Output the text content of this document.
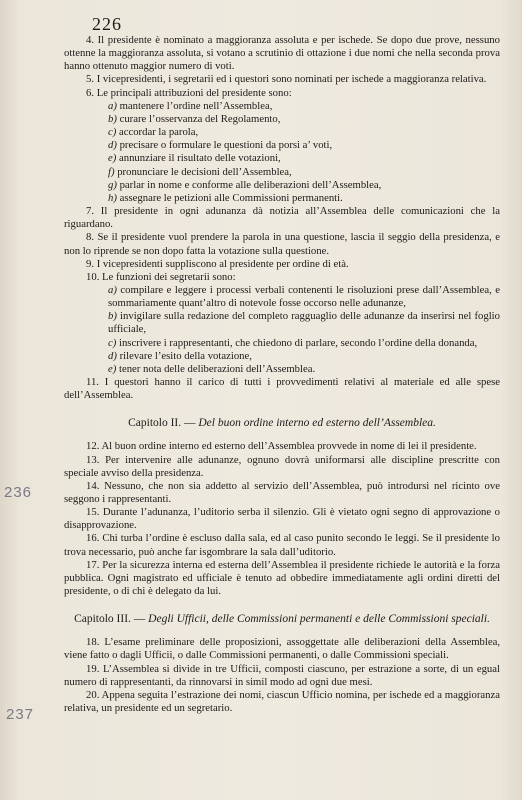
226
236
237

4. Il presidente è nominato a maggioranza assoluta e per ischede. Se dopo due prove, nessuno ottenne la maggioranza assoluta, si votano a scrutinio di ottazione i due nomi che nella seconda prova hanno ottenuto maggior numero di voti.

5. I vicepresidenti, i segretarii ed i questori sono nominati per ischede a maggioranza relativa.

6. Le principali attribuzioni del presidente sono:

a) mantenere l’ordine nell’Assemblea,

b) curare l’osservanza del Regolamento,

c) accordar la parola,

d) precisare o formulare le questioni da porsi a’ voti,

e) annunziare il risultato delle votazioni,

f) pronunciare le decisioni dell’Assemblea,

g) parlar in nome e conforme alle deliberazioni dell’Assemblea,

h) assegnare le petizioni alle Commissioni permanenti.

7. Il presidente in ogni adunanza dà notizia all’Assemblea delle comunicazioni che la riguardano.

8. Se il presidente vuol prendere la parola in una questione, lascia il seggio della presidenza, e non lo riprende se non dopo fatta la votazione sulla questione.

9. I vicepresidenti suppliscono al presidente per ordine di età.

10. Le funzioni dei segretarii sono:

a) compilare e leggere i processi verbali contenenti le risoluzioni prese dall’Assemblea, e sommariamente quant’altro di notevole fosse occorso nelle adunanze,

b) invigilare sulla redazione del completo ragguaglio delle adunanze da inserirsi nel foglio ufficiale,

c) inscrivere i rappresentanti, che chiedono di parlare, secondo l’ordine della donanda,

d) rilevare l’esito della votazione,

e) tener nota delle deliberazioni dell’Assemblea.

11. I questori hanno il carico di tutti i provvedimenti relativi al materiale ed alle spese dell’Assemblea.

Capitolo II. — Del buon ordine interno ed esterno dell’Assemblea.

12. Al buon ordine interno ed esterno dell’Assemblea provvede in nome di lei il presidente.

13. Per intervenire alle adunanze, ognuno dovrà uniformarsi alle discipline prescritte con speciale avviso della presidenza.

14. Nessuno, che non sia addetto al servizio dell’Assemblea, può introdursi nel ricinto ove seggono i rappresentanti.

15. Durante l’adunanza, l’uditorio serba il silenzio. Gli è vietato ogni segno di approvazione o disapprovazione.

16. Chi turba l’ordine è escluso dalla sala, ed al caso punito secondo le leggi. Se il presidente lo trova necessario, può anche far isgombrare la sala dall’uditorio.

17. Per la sicurezza interna ed esterna dell’Assemblea il presidente richiede le autorità e la forza pubblica. Ogni magistrato ed ufficiale è tenuto ad obbedire immediatamente agli ordini diretti del presidente, o di chi è delegato da lui.

Capitolo III. — Degli Ufficii, delle Commissioni permanenti e delle Commissioni speciali.

18. L’esame preliminare delle proposizioni, assoggettate alle deliberazioni della Assemblea, viene fatto o dagli Ufficii, o dalle Commissioni permanenti, o dalle Commissioni speciali.

19. L’Assemblea si divide in tre Ufficii, composti ciascuno, per estrazione a sorte, di un egual numero di rappresentanti, da rinnovarsi in simil modo ad ogni due mesi.

20. Appena seguita l’estrazione dei nomi, ciascun Ufficio nomina, per ischede ed a maggioranza relativa, un presidente ed un segretario.
